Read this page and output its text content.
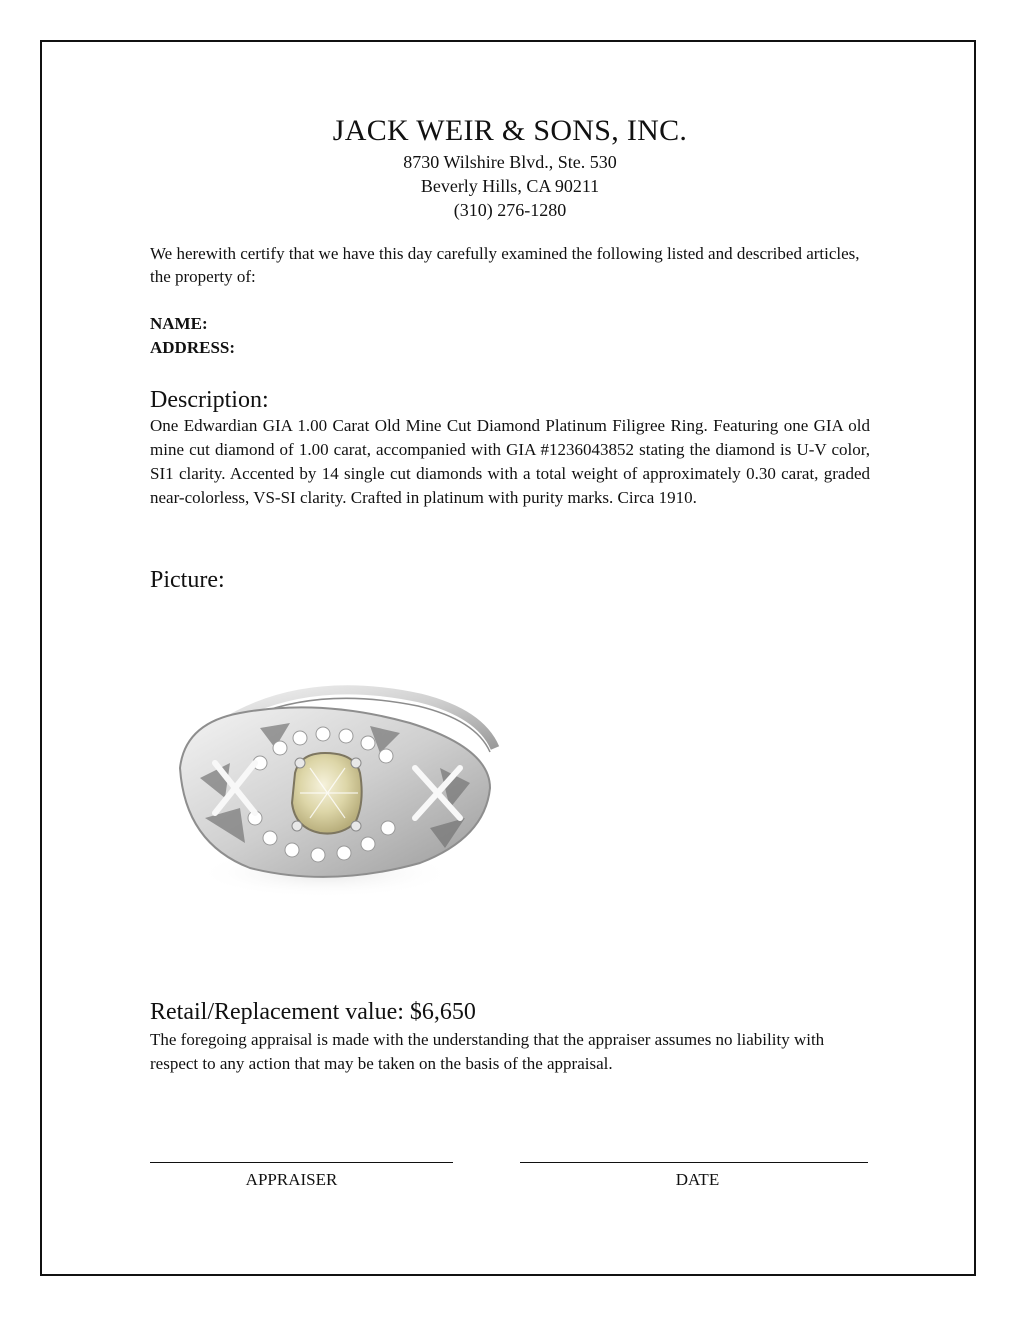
JACK WEIR & SONS, INC.
8730 Wilshire Blvd., Ste. 530
Beverly Hills, CA 90211
(310) 276-1280
We herewith certify that we have this day carefully examined the following listed and described articles, the property of:
NAME:
ADDRESS:
Description:
One Edwardian GIA 1.00 Carat Old Mine Cut Diamond Platinum Filigree Ring. Featuring one GIA old mine cut diamond of 1.00 carat, accompanied with GIA #1236043852 stating the diamond is U-V color, SI1 clarity. Accented by 14 single cut diamonds with a total weight of approximately 0.30 carat, graded near-colorless, VS-SI clarity. Crafted in platinum with purity marks. Circa 1910.
Picture:
Retail/Replacement value: $6,650
The foregoing appraisal is made with the understanding that the appraiser assumes no liability with respect to any action that may be taken on the basis of the appraisal.
APPRAISER	DATE
